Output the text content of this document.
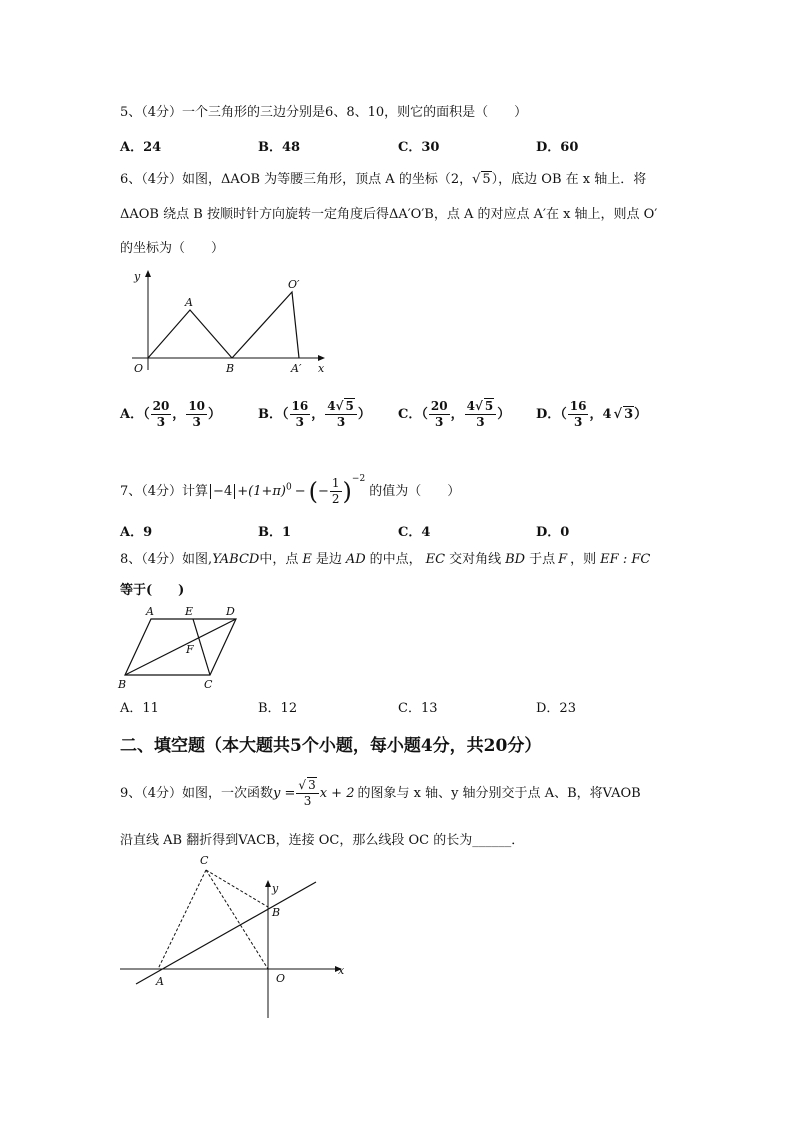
5、（4分）一个三角形的三边分别是6、8、10，则它的面积是（　　）
A．24	B．48	C．30	D．60
6、（4分）如图，ΔAOB 为等腰三角形，顶点 A 的坐标（2，√ 5），底边 OB 在 x 轴上．将
ΔAOB 绕点 B 按顺时针方向旋转一定角度后得ΔA′O′B，点 A 的对应点 A′在 x 轴上，则点 O′
的坐标为（　　）
y
A
O′
O	B	A′ x
A．（ $\frac{20}{3}$ ， $\frac{10}{3}$ ）	B．（ $\frac{16}{3}$ ， $\frac{4√ 5}{3}$ ） C．（ $\frac{20}{3}$ ， $\frac{4√ 5}{3}$ ） D．（ $\frac{16}{3}$ ，4 √ 3）
7、（4分）计算 $-4 +(1+\pi)^0$ − (− $\frac{1}{2} )^{-2}$的值为（　　）
A．9	B．1	C．4	D．0
8、（4分）如图,YABCD中，点 E 是边 AD 的中点， EC 交对角线 BD 于点 F ，则 EF : FC
等于(　　)
A	E	D
F
B	C
A．11	B．12	C．13	D．23
二、填空题（本大题共5个小题，每小题4分，共20分）
9、（4分）如图，一次函数$y = \frac{√ 3}{3}$ x + 2 的图象与 x 轴、y 轴分别交于点 A、B，将VAOB
沿直线 AB 翻折得到VACB，连接 OC，那么线段 OC 的长为______．
C
y
B
x
A	O
